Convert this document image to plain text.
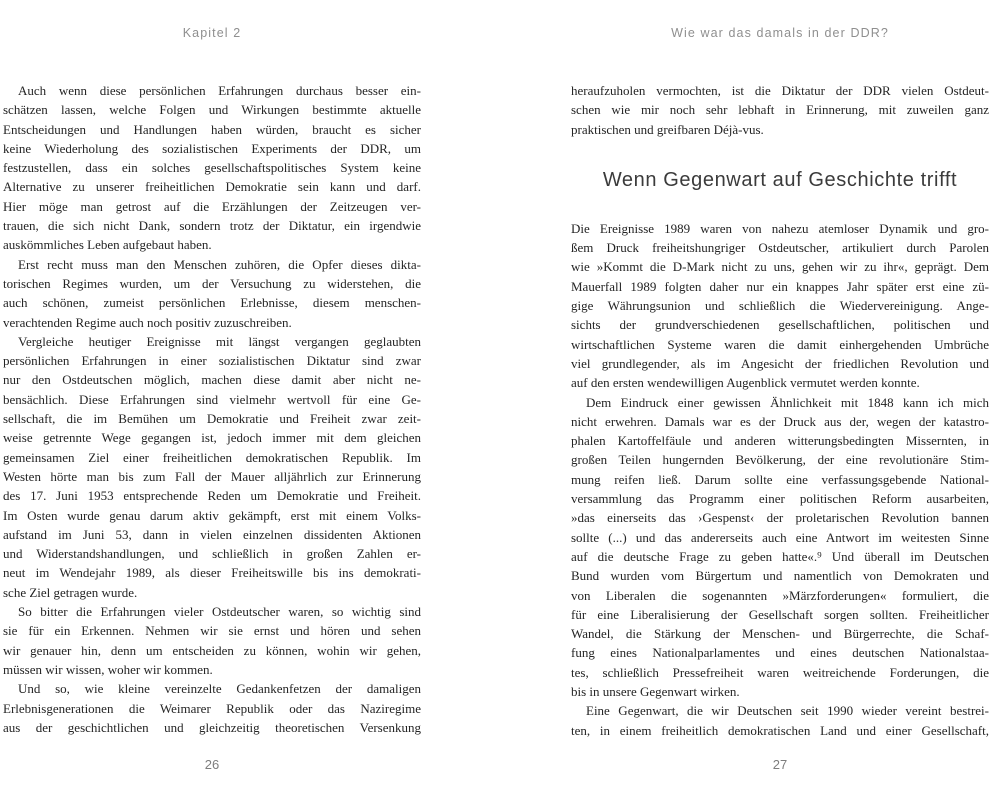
Kapitel 2
Auch wenn diese persönlichen Erfahrungen durchaus besser ein-
schätzen lassen, welche Folgen und Wirkungen bestimmte aktuelle
Entscheidungen und Handlungen haben würden, braucht es sicher
keine Wiederholung des sozialistischen Experiments der DDR, um
festzustellen, dass ein solches gesellschaftspolitisches System keine
Alternative zu unserer freiheitlichen Demokratie sein kann und darf.
Hier möge man getrost auf die Erzählungen der Zeitzeugen ver-
trauen, die sich nicht Dank, sondern trotz der Diktatur, ein irgendwie
auskömmliches Leben aufgebaut haben.
Erst recht muss man den Menschen zuhören, die Opfer dieses dikta-
torischen Regimes wurden, um der Versuchung zu widerstehen, die
auch schönen, zumeist persönlichen Erlebnisse, diesem menschen-
verachtenden Regime auch noch positiv zuzuschreiben.
Vergleiche heutiger Ereignisse mit längst vergangen geglaubten
persönlichen Erfahrungen in einer sozialistischen Diktatur sind zwar
nur den Ostdeutschen möglich, machen diese damit aber nicht ne-
bensächlich. Diese Erfahrungen sind vielmehr wertvoll für eine Ge-
sellschaft, die im Bemühen um Demokratie und Freiheit zwar zeit-
weise getrennte Wege gegangen ist, jedoch immer mit dem gleichen
gemeinsamen Ziel einer freiheitlichen demokratischen Republik. Im
Westen hörte man bis zum Fall der Mauer alljährlich zur Erinnerung
des 17. Juni 1953 entsprechende Reden um Demokratie und Freiheit.
Im Osten wurde genau darum aktiv gekämpft, erst mit einem Volks-
aufstand im Juni 53, dann in vielen einzelnen dissidenten Aktionen
und Widerstandshandlungen, und schließlich in großen Zahlen er-
neut im Wendejahr 1989, als dieser Freiheitswille bis ins demokrati-
sche Ziel getragen wurde.
So bitter die Erfahrungen vieler Ostdeutscher waren, so wichtig sind
sie für ein Erkennen. Nehmen wir sie ernst und hören und sehen
wir genauer hin, denn um entscheiden zu können, wohin wir gehen,
müssen wir wissen, woher wir kommen.
Und so, wie kleine vereinzelte Gedankenfetzen der damaligen
Erlebnisgenerationen die Weimarer Republik oder das Naziregime
aus der geschichtlichen und gleichzeitig theoretischen Versenkung
26
Wie war das damals in der DDR?
heraufzuholen vermochten, ist die Diktatur der DDR vielen Ostdeut-
schen wie mir noch sehr lebhaft in Erinnerung, mit zuweilen ganz
praktischen und greifbaren Déjà-vus.
Wenn Gegenwart auf Geschichte trifft
Die Ereignisse 1989 waren von nahezu atemloser Dynamik und gro-
ßem Druck freiheitshungriger Ostdeutscher, artikuliert durch Parolen
wie »Kommt die D-Mark nicht zu uns, gehen wir zu ihr«, geprägt. Dem
Mauerfall 1989 folgten daher nur ein knappes Jahr später erst eine zü-
gige Währungsunion und schließlich die Wiedervereinigung. Ange-
sichts der grundverschiedenen gesellschaftlichen, politischen und
wirtschaftlichen Systeme waren die damit einhergehenden Umbrüche
viel grundlegender, als im Angesicht der friedlichen Revolution und
auf den ersten wendewilligen Augenblick vermutet werden konnte.
Dem Eindruck einer gewissen Ähnlichkeit mit 1848 kann ich mich
nicht erwehren. Damals war es der Druck aus der, wegen der katastro-
phalen Kartoffelfäule und anderen witterungsbedingten Missernten, in
großen Teilen hungernden Bevölkerung, der eine revolutionäre Stim-
mung reifen ließ. Darum sollte eine verfassungsgebende National-
versammlung das Programm einer politischen Reform ausarbeiten,
»das einerseits das ›Gespenst‹ der proletarischen Revolution bannen
sollte (...) und das andererseits auch eine Antwort im weitesten Sinne
auf die deutsche Frage zu geben hatte«.⁹ Und überall im Deutschen
Bund wurden vom Bürgertum und namentlich von Demokraten und
von Liberalen die sogenannten »Märzforderungen« formuliert, die
für eine Liberalisierung der Gesellschaft sorgen sollten. Freiheitlicher
Wandel, die Stärkung der Menschen- und Bürgerrechte, die Schaf-
fung eines Nationalparlamentes und eines deutschen Nationalstaa-
tes, schließlich Pressefreiheit waren weitreichende Forderungen, die
bis in unsere Gegenwart wirken.
Eine Gegenwart, die wir Deutschen seit 1990 wieder vereint bestrei-
ten, in einem freiheitlich demokratischen Land und einer Gesellschaft,
27
